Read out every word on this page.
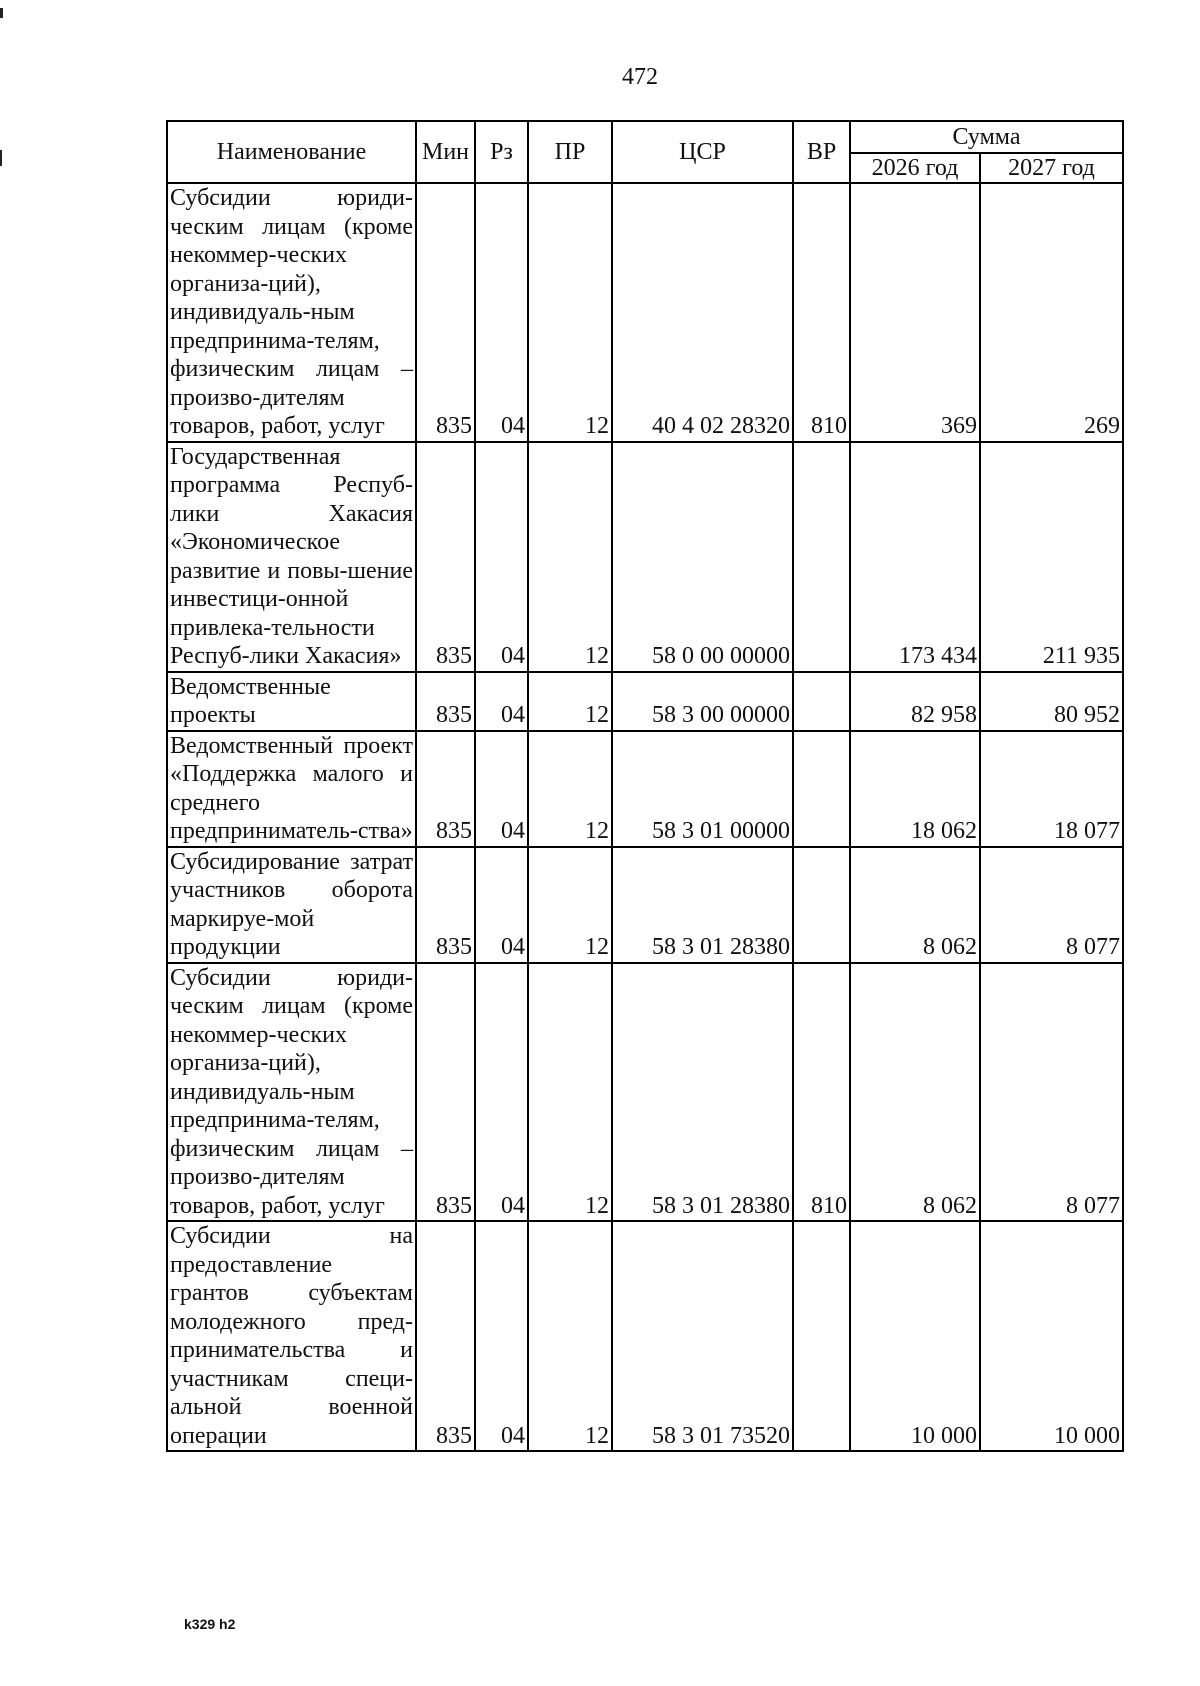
472
Наименование	Мин	Рз	ПР	ЦСР	ВР	Сумма	
						2026 год	2027 год
Субсидии юриди-ческим лицам (кроме некоммер-ческих организа-ций), индивидуаль-ным предпринима-телям, физическим лицам – произво-дителям товаров, работ, услуг	835	04	12	40 4 02 28320	810	369	269
Государственная программа Респуб-лики Хакасия «Экономическое развитие и повы-шение инвестици-онной привлека-тельности Респуб-лики Хакасия»	835	04	12	58 0 00 00000		173 434	211 935
Ведомственные проекты	835	04	12	58 3 00 00000		82 958	80 952
Ведомственный проект «Поддержка малого и среднего предприниматель-ства»	835	04	12	58 3 01 00000		18 062	18 077
Субсидирование затрат участников оборота маркируе-мой продукции	835	04	12	58 3 01 28380		8 062	8 077
Субсидии юриди-ческим лицам (кроме некоммер-ческих организа-ций), индивидуаль-ным предпринима-телям, физическим лицам – произво-дителям товаров, работ, услуг	835	04	12	58 3 01 28380	810	8 062	8 077
Субсидии на предоставление грантов субъектам молодежного пред-принимательства и участникам специ-альной военной операции	835	04	12	58 3 01 73520		10 000	10 000
k329 h2
